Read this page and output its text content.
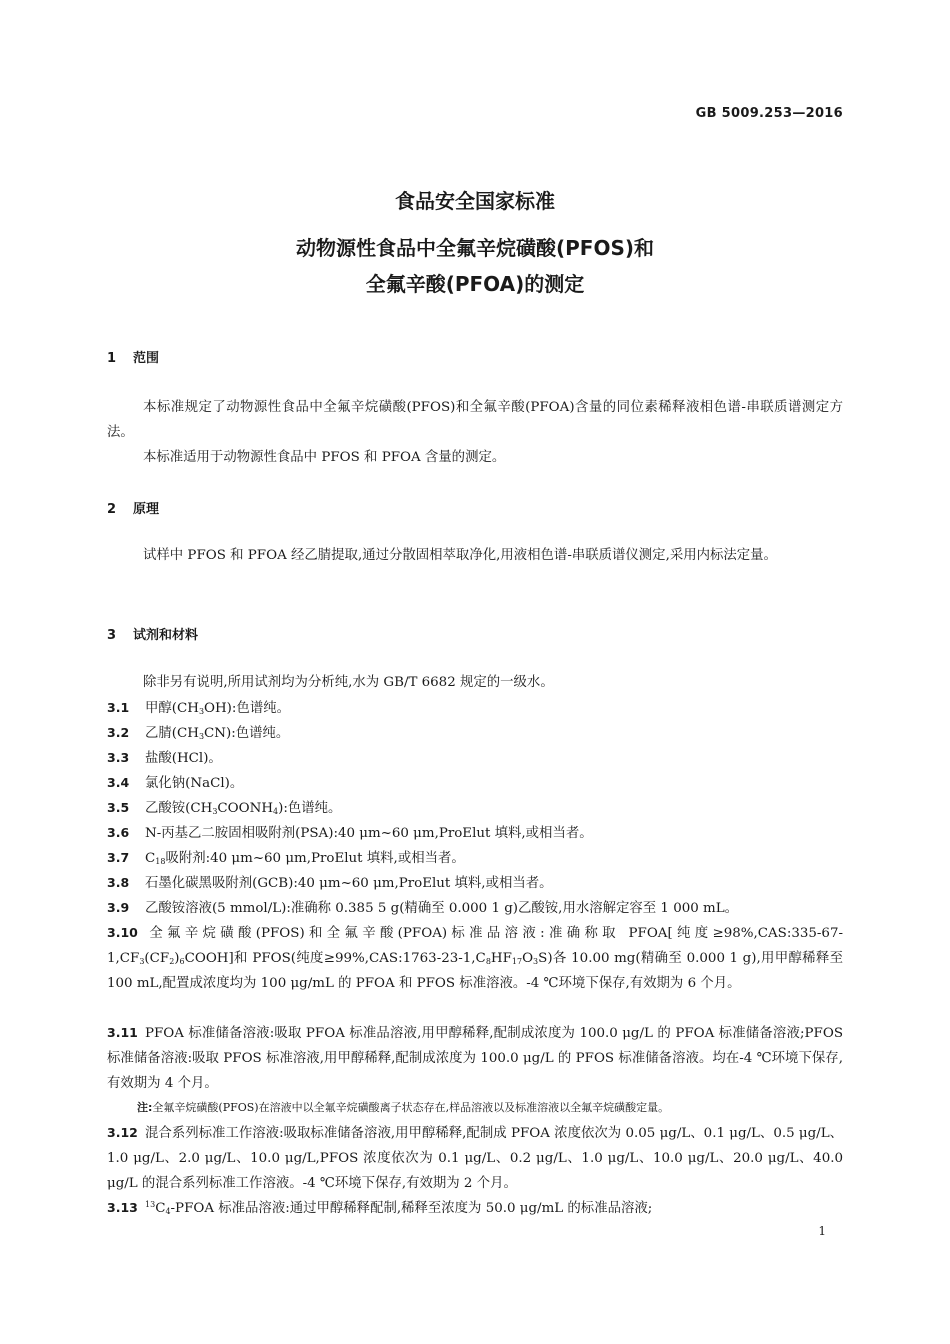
GB 5009.253—2016
食品安全国家标准
动物源性食品中全氟辛烷磺酸(PFOS)和
全氟辛酸(PFOA)的测定
1 范围
本标准规定了动物源性食品中全氟辛烷磺酸(PFOS)和全氟辛酸(PFOA)含量的同位素稀释液相色谱-串联质谱测定方法。
本标准适用于动物源性食品中 PFOS 和 PFOA 含量的测定。
2 原理
试样中 PFOS 和 PFOA 经乙腈提取,通过分散固相萃取净化,用液相色谱-串联质谱仪测定,采用内标法定量。
3 试剂和材料
除非另有说明,所用试剂均为分析纯,水为 GB/T 6682 规定的一级水。
3.1 甲醇$(CH_3OH)$:色谱纯。
3.2 乙腈$(CH_3CN)$:色谱纯。
3.3 盐酸(HCl)。
3.4 氯化钠(NaCl)。
3.5 乙酸铵$(CH_3COONH_4)$:色谱纯。
3.6 N-丙基乙二胺固相吸附剂(PSA):40 μm~60 μm,ProElut 填料,或相当者。
3.7 $C_{18}$吸附剂:40 μm~60 μm,ProElut 填料,或相当者。
3.8 石墨化碳黑吸附剂(GCB):40 μm~60 μm,ProElut 填料,或相当者。
3.9 乙酸铵溶液(5 mmol/L):准确称 0.385 5 g(精确至 0.000 1 g)乙酸铵,用水溶解定容至 1 000 mL。
3.10 全氟辛烷磺酸(PFOS)和全氟辛酸(PFOA)标准品溶液:准确称取 PFOA[纯度$\ge 98\%,CAS:335-67-1,CF_3(CF_2)_6COOH$]和 PFOS(纯度$\ge 99\%,CAS:1763-23-1,C_8HF_{17}O_3S$)各 10.00 mg(精确至 0.000 1 g),用甲醇稀释至 100 mL,配置成浓度均为 100 μg/mL 的 PFOA 和 PFOS 标准溶液。-4 ℃环境下保存,有效期为 6 个月。
3.11 PFOA 标准储备溶液:吸取 PFOA 标准品溶液,用甲醇稀释,配制成浓度为 100.0 μg/L 的 PFOA 标准储备溶液;PFOS 标准储备溶液:吸取 PFOS 标准溶液,用甲醇稀释,配制成浓度为 100.0 μg/L 的 PFOS 标准储备溶液。均在-4 ℃环境下保存,有效期为 4 个月。
注:全氟辛烷磺酸(PFOS)在溶液中以全氟辛烷磺酸离子状态存在,样品溶液以及标准溶液以全氟辛烷磺酸定量。
3.12 混合系列标准工作溶液:吸取标准储备溶液,用甲醇稀释,配制成 PFOA 浓度依次为 0.05 μg/L、0.1 μg/L、0.5 μg/L、1.0 μg/L、2.0 μg/L、10.0 μg/L,PFOS 浓度依次为 0.1 μg/L、0.2 μg/L、1.0 μg/L、10.0 μg/L、20.0 μg/L、40.0 μg/L 的混合系列标准工作溶液。-4 ℃环境下保存,有效期为 2 个月。
3.13 $^{13}C_4$-PFOA 标准品溶液:通过甲醇稀释配制,稀释至浓度为 50.0 μg/mL 的标准品溶液;
1
